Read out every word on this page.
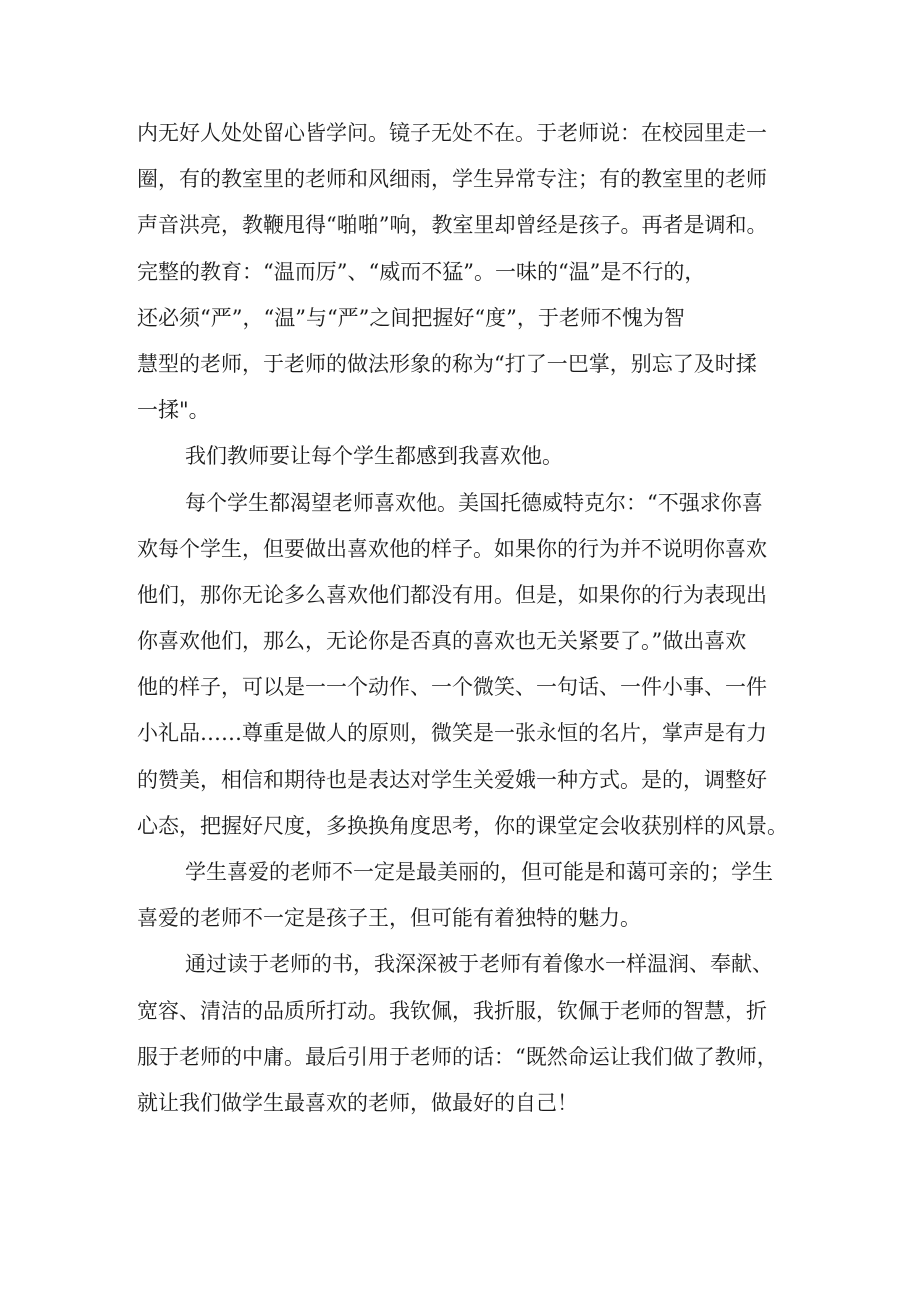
内无好人处处留心皆学问。镜子无处不在。于老师说：在校园里走一
圈，有的教室里的老师和风细雨，学生异常专注；有的教室里的老师
声音洪亮，教鞭甩得“啪啪”响，教室里却曾经是孩子。再者是调和。
完整的教育：“温而厉”、“威而不猛”。一味的“温”是不行的，
还必须“严”，“温”与“严”之间把握好“度”，于老师不愧为智
慧型的老师，于老师的做法形象的称为“打了一巴掌，别忘了及时揉
一揉"。
我们教师要让每个学生都感到我喜欢他。
每个学生都渴望老师喜欢他。美国托德威特克尔：“不强求你喜
欢每个学生，但要做出喜欢他的样子。如果你的行为并不说明你喜欢
他们，那你无论多么喜欢他们都没有用。但是，如果你的行为表现出
你喜欢他们，那么，无论你是否真的喜欢也无关紧要了。”做出喜欢
他的样子，可以是一一个动作、一个微笑、一句话、一件小事、一件
小礼品……尊重是做人的原则，微笑是一张永恒的名片，掌声是有力
的赞美，相信和期待也是表达对学生关爱娥一种方式。是的，调整好
心态，把握好尺度，多换换角度思考，你的课堂定会收获别样的风景。
学生喜爱的老师不一定是最美丽的，但可能是和蔼可亲的；学生
喜爱的老师不一定是孩子王，但可能有着独特的魅力。
通过读于老师的书，我深深被于老师有着像水一样温润、奉献、
宽容、清洁的品质所打动。我钦佩，我折服，钦佩于老师的智慧，折
服于老师的中庸。最后引用于老师的话：“既然命运让我们做了教师，
就让我们做学生最喜欢的老师，做最好的自己！
